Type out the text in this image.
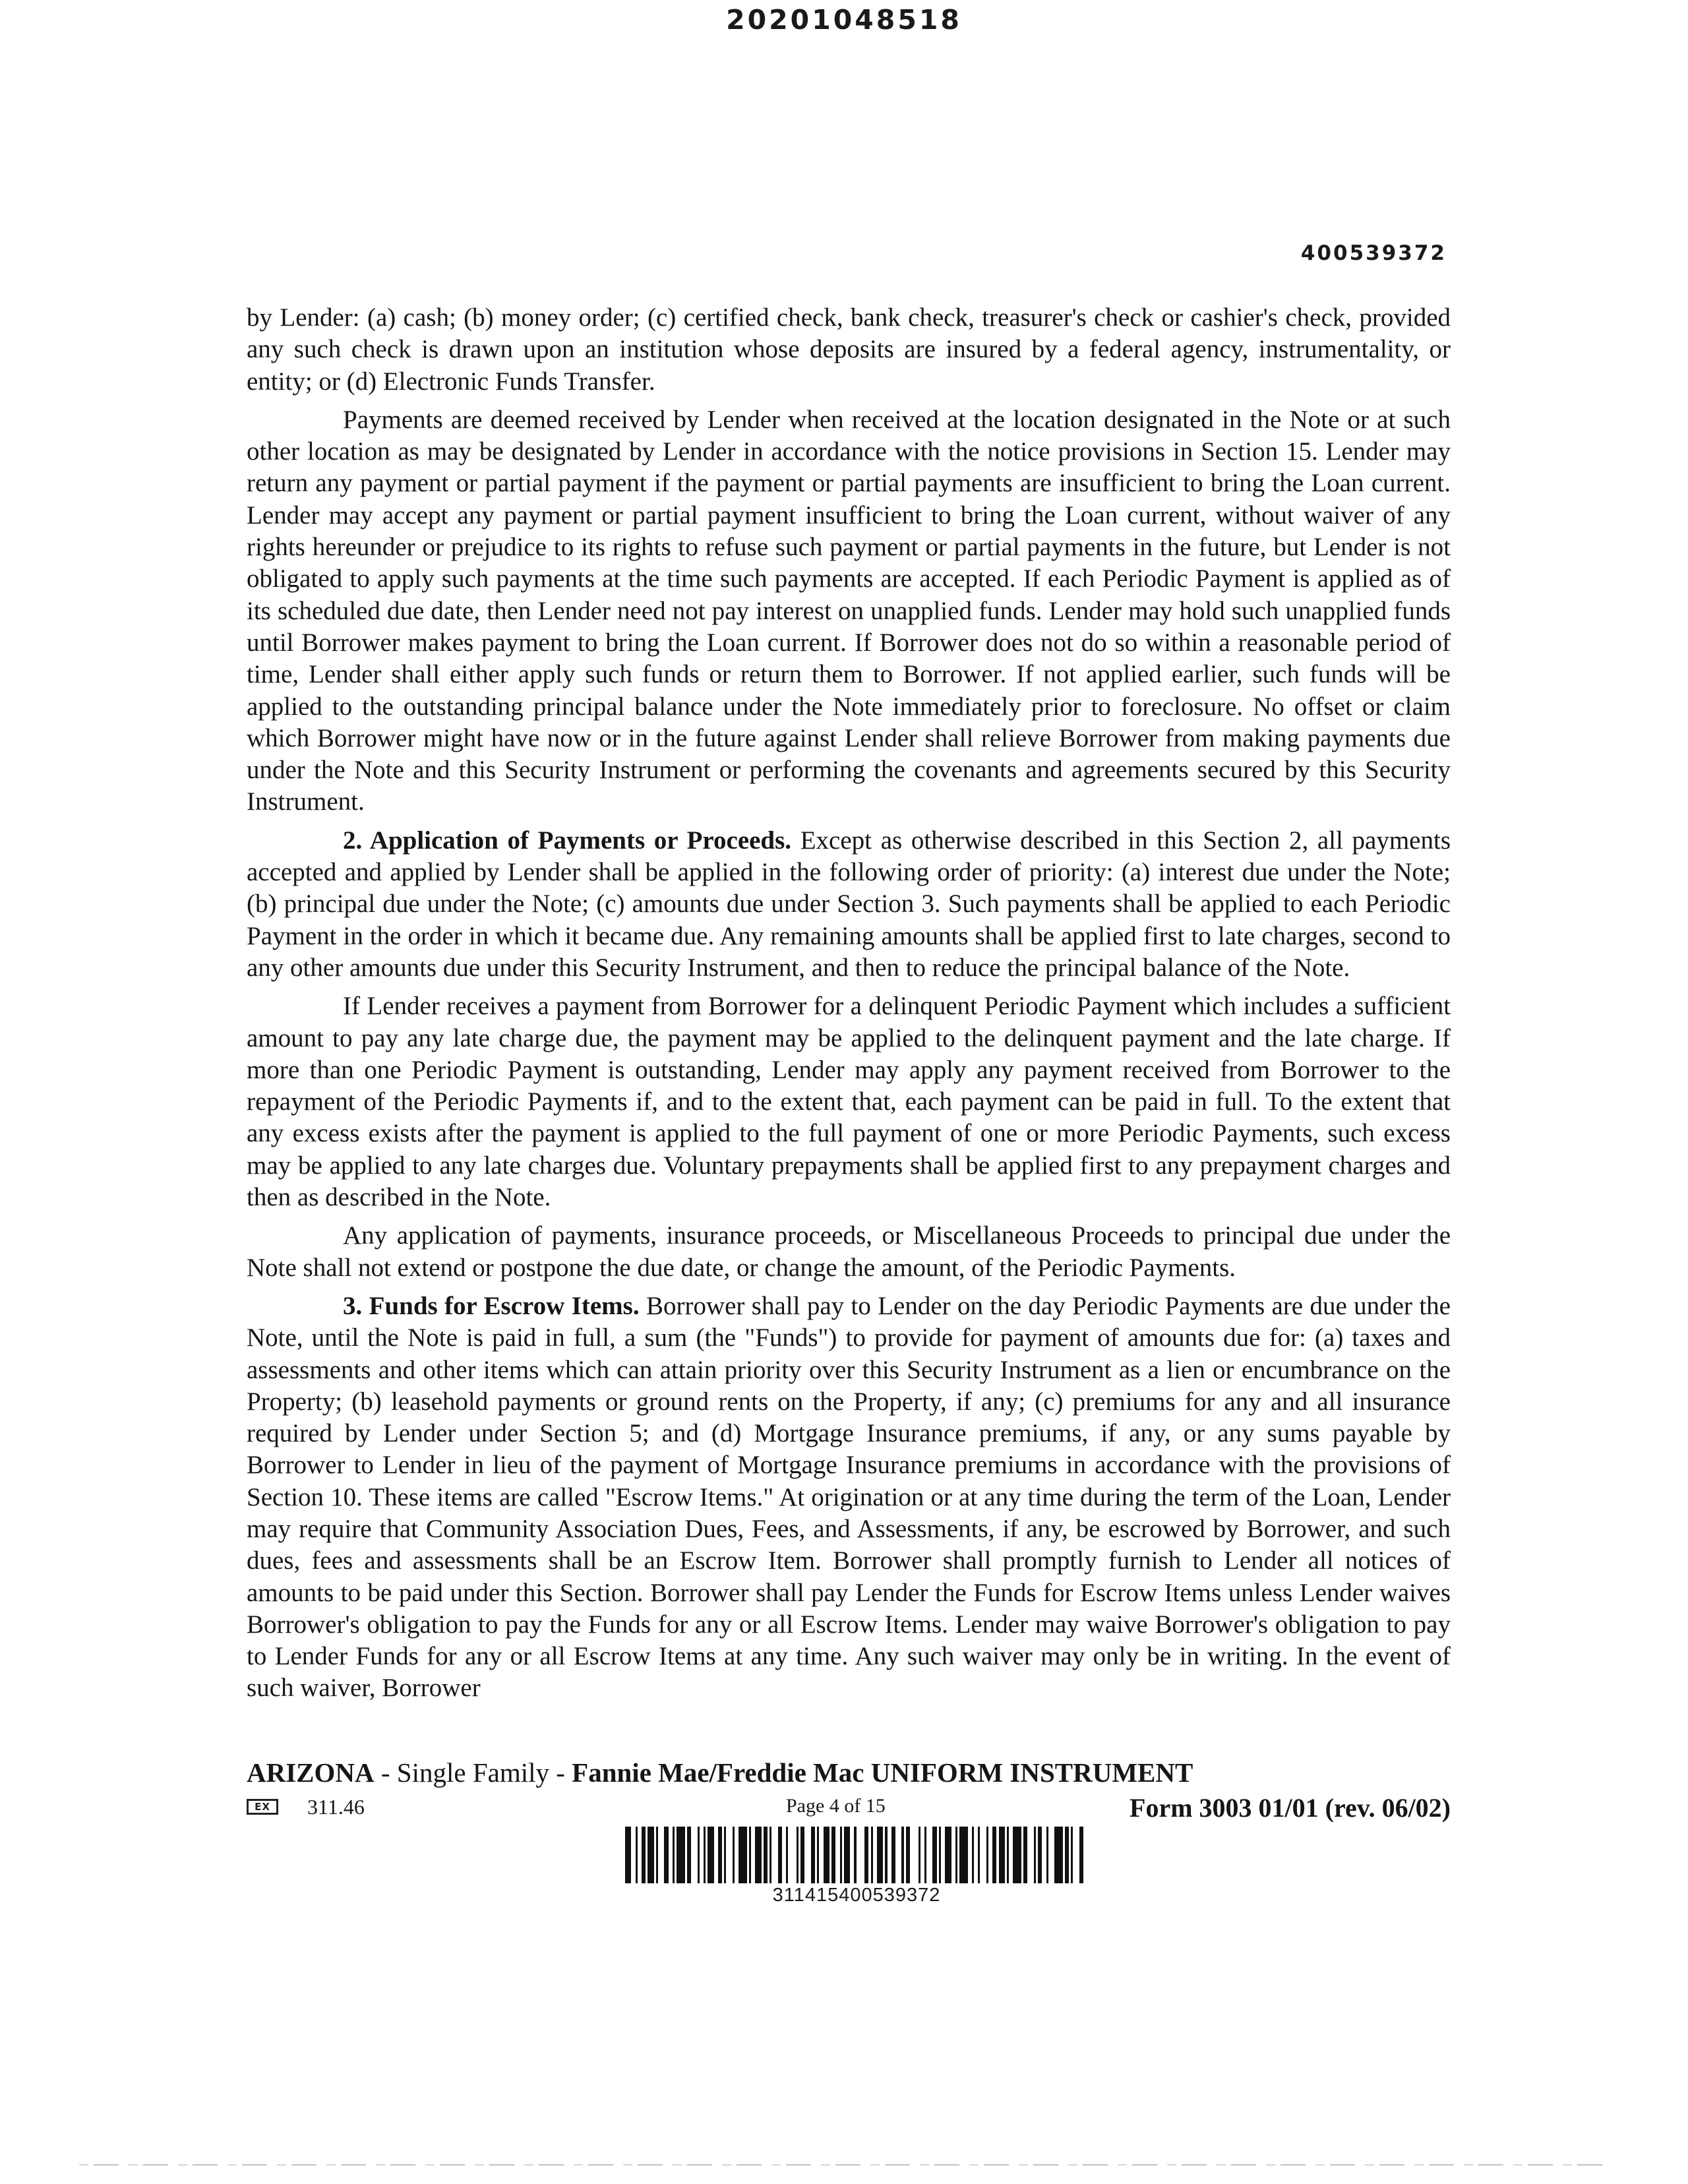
20201048518
400539372

by Lender: (a) cash; (b) money order; (c) certified check, bank check, treasurer's check or cashier's check, provided any such check is drawn upon an institution whose deposits are insured by a federal agency, instrumentality, or entity; or (d) Electronic Funds Transfer.

Payments are deemed received by Lender when received at the location designated in the Note or at such other location as may be designated by Lender in accordance with the notice provisions in Section 15. Lender may return any payment or partial payment if the payment or partial payments are insufficient to bring the Loan current. Lender may accept any payment or partial payment insufficient to bring the Loan current, without waiver of any rights hereunder or prejudice to its rights to refuse such payment or partial payments in the future, but Lender is not obligated to apply such payments at the time such payments are accepted. If each Periodic Payment is applied as of its scheduled due date, then Lender need not pay interest on unapplied funds. Lender may hold such unapplied funds until Borrower makes payment to bring the Loan current. If Borrower does not do so within a reasonable period of time, Lender shall either apply such funds or return them to Borrower. If not applied earlier, such funds will be applied to the outstanding principal balance under the Note immediately prior to foreclosure. No offset or claim which Borrower might have now or in the future against Lender shall relieve Borrower from making payments due under the Note and this Security Instrument or performing the covenants and agreements secured by this Security Instrument.

2. Application of Payments or Proceeds. Except as otherwise described in this Section 2, all payments accepted and applied by Lender shall be applied in the following order of priority: (a) interest due under the Note; (b) principal due under the Note; (c) amounts due under Section 3. Such payments shall be applied to each Periodic Payment in the order in which it became due. Any remaining amounts shall be applied first to late charges, second to any other amounts due under this Security Instrument, and then to reduce the principal balance of the Note.

If Lender receives a payment from Borrower for a delinquent Periodic Payment which includes a sufficient amount to pay any late charge due, the payment may be applied to the delinquent payment and the late charge. If more than one Periodic Payment is outstanding, Lender may apply any payment received from Borrower to the repayment of the Periodic Payments if, and to the extent that, each payment can be paid in full. To the extent that any excess exists after the payment is applied to the full payment of one or more Periodic Payments, such excess may be applied to any late charges due. Voluntary prepayments shall be applied first to any prepayment charges and then as described in the Note.

Any application of payments, insurance proceeds, or Miscellaneous Proceeds to principal due under the Note shall not extend or postpone the due date, or change the amount, of the Periodic Payments.

3. Funds for Escrow Items. Borrower shall pay to Lender on the day Periodic Payments are due under the Note, until the Note is paid in full, a sum (the "Funds") to provide for payment of amounts due for: (a) taxes and assessments and other items which can attain priority over this Security Instrument as a lien or encumbrance on the Property; (b) leasehold payments or ground rents on the Property, if any; (c) premiums for any and all insurance required by Lender under Section 5; and (d) Mortgage Insurance premiums, if any, or any sums payable by Borrower to Lender in lieu of the payment of Mortgage Insurance premiums in accordance with the provisions of Section 10. These items are called "Escrow Items." At origination or at any time during the term of the Loan, Lender may require that Community Association Dues, Fees, and Assessments, if any, be escrowed by Borrower, and such dues, fees and assessments shall be an Escrow Item. Borrower shall promptly furnish to Lender all notices of amounts to be paid under this Section. Borrower shall pay Lender the Funds for Escrow Items unless Lender waives Borrower's obligation to pay the Funds for any or all Escrow Items. Lender may waive Borrower's obligation to pay to Lender Funds for any or all Escrow Items at any time. Any such waiver may only be in writing. In the event of such waiver, Borrower

ARIZONA - Single Family - Fannie Mae/Freddie Mac UNIFORM INSTRUMENT
EX	311.46	Page 4 of 15	Form 3003 01/01 (rev. 06/02)
311415400539372
